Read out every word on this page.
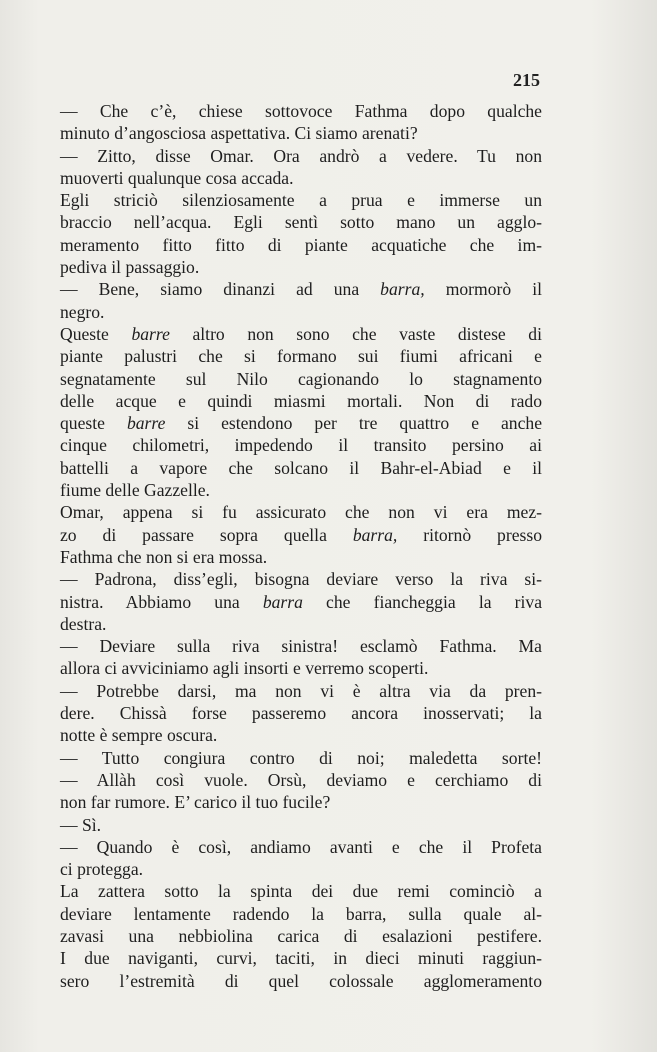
215
— Che c’è, chiese sottovoce Fathma dopo qualche
minuto d’angosciosa aspettativa. Ci siamo arenati?
— Zitto, disse Omar. Ora andrò a vedere. Tu non
muoverti qualunque cosa accada.
Egli striciò silenziosamente a prua e immerse un
braccio nell’acqua. Egli sentì sotto mano un agglo-
meramento fitto fitto di piante acquatiche che im-
pediva il passaggio.
— Bene, siamo dinanzi ad una barra, mormorò il
negro.
Queste barre altro non sono che vaste distese di
piante palustri che si formano sui fiumi africani e
segnatamente sul Nilo cagionando lo stagnamento
delle acque e quindi miasmi mortali. Non di rado
queste barre si estendono per tre quattro e anche
cinque chilometri, impedendo il transito persino ai
battelli a vapore che solcano il Bahr-el-Abiad e il
fiume delle Gazzelle.
Omar, appena si fu assicurato che non vi era mez-
zo di passare sopra quella barra, ritornò presso
Fathma che non si era mossa.
— Padrona, diss’egli, bisogna deviare verso la riva si-
nistra. Abbiamo una barra che fiancheggia la riva
destra.
— Deviare sulla riva sinistra! esclamò Fathma. Ma
allora ci avviciniamo agli insorti e verremo scoperti.
— Potrebbe darsi, ma non vi è altra via da pren-
dere. Chissà forse passeremo ancora inosservati; la
notte è sempre oscura.
— Tutto congiura contro di noi; maledetta sorte!
— Allàh così vuole. Orsù, deviamo e cerchiamo di
non far rumore. E’ carico il tuo fucile?
— Sì.
— Quando è così, andiamo avanti e che il Profeta
ci protegga.
La zattera sotto la spinta dei due remi cominciò a
deviare lentamente radendo la barra, sulla quale al-
zavasi una nebbiolina carica di esalazioni pestifere.
I due naviganti, curvi, taciti, in dieci minuti raggiun-
sero l’estremità di quel colossale agglomeramento
